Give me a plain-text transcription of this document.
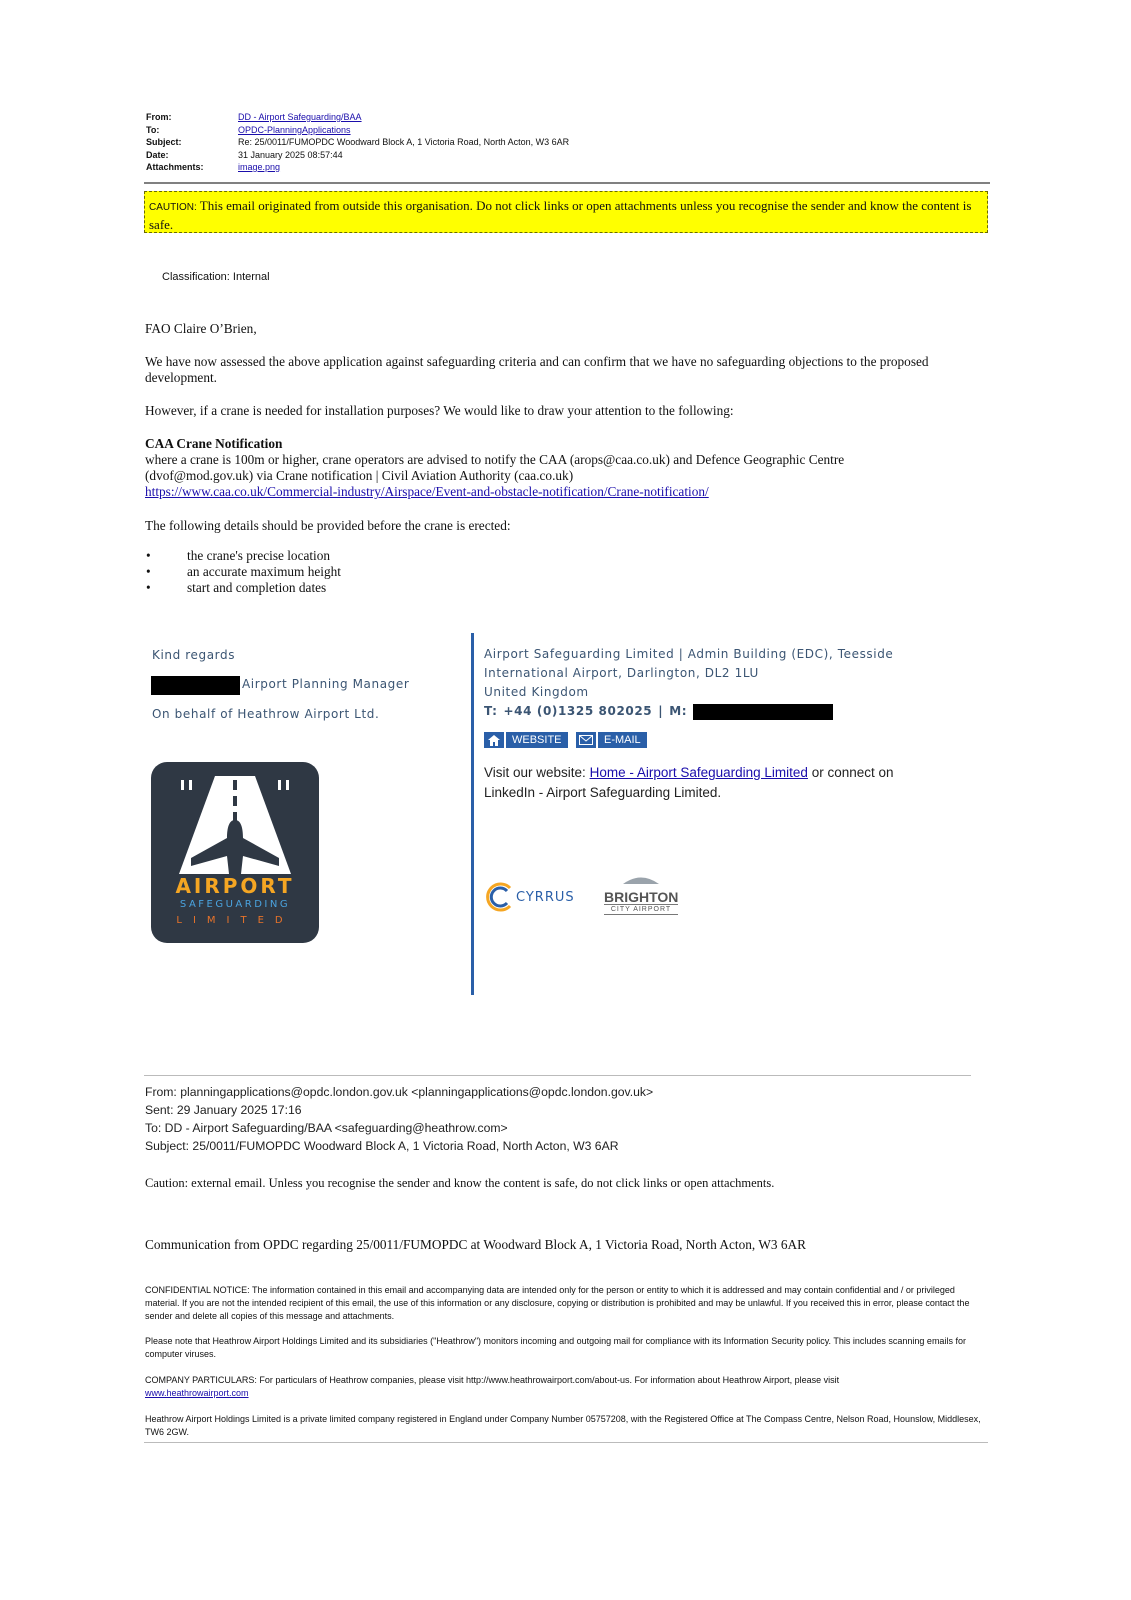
From:	DD - Airport Safeguarding/BAA
To:	OPDC-PlanningApplications
Subject:	Re: 25/0011/FUMOPDC Woodward Block A, 1 Victoria Road, North Acton, W3 6AR
Date:	31 January 2025 08:57:44
Attachments:	image.png
CAUTION: This email originated from outside this organisation. Do not click links or open attachments unless you recognise the sender and know the content is safe.
Classification: Internal
FAO Claire O’Brien,
We have now assessed the above application against safeguarding criteria and can confirm that we have no safeguarding objections to the proposed development.
However, if a crane is needed for installation purposes? We would like to draw your attention to the following:
CAA Crane Notification
where a crane is 100m or higher, crane operators are advised to notify the CAA (arops@caa.co.uk) and Defence Geographic Centre
(dvof@mod.gov.uk) via Crane notification | Civil Aviation Authority (caa.co.uk)
https://www.caa.co.uk/Commercial-industry/Airspace/Event-and-obstacle-notification/Crane-notification/
The following details should be provided before the crane is erected:
•	the crane's precise location
•	an accurate maximum height
•	start and completion dates
Kind regards
Airport Planning Manager
On behalf of Heathrow Airport Ltd.
AIRPORT
SAFEGUARDING
LIMITED
Airport Safeguarding Limited | Admin Building (EDC), Teesside
International Airport, Darlington, DL2 1LU
United Kingdom
T: +44 (0)1325 802025 | M:
WEBSITE	E-MAIL
Visit our website: Home - Airport Safeguarding Limited or connect on LinkedIn - Airport Safeguarding Limited.
CYRRUS BRIGHTON
CITY AIRPORT
From: planningapplications@opdc.london.gov.uk <planningapplications@opdc.london.gov.uk>
Sent: 29 January 2025 17:16
To: DD - Airport Safeguarding/BAA <safeguarding@heathrow.com>
Subject: 25/0011/FUMOPDC Woodward Block A, 1 Victoria Road, North Acton, W3 6AR
Caution: external email. Unless you recognise the sender and know the content is safe, do not click links or open attachments.
Communication from OPDC regarding 25/0011/FUMOPDC at Woodward Block A, 1 Victoria Road, North Acton, W3 6AR
CONFIDENTIAL NOTICE: The information contained in this email and accompanying data are intended only for the person or entity to which it is addressed and may contain confidential and / or privileged material. If you are not the intended recipient of this email, the use of this information or any disclosure, copying or distribution is prohibited and may be unlawful. If you received this in error, please contact the sender and delete all copies of this message and attachments.
Please note that Heathrow Airport Holdings Limited and its subsidiaries ("Heathrow") monitors incoming and outgoing mail for compliance with its Information Security policy. This includes scanning emails for computer viruses.
COMPANY PARTICULARS: For particulars of Heathrow companies, please visit http://www.heathrowairport.com/about-us. For information about Heathrow Airport, please visit
www.heathrowairport.com
Heathrow Airport Holdings Limited is a private limited company registered in England under Company Number 05757208, with the Registered Office at The Compass Centre, Nelson Road, Hounslow, Middlesex, TW6 2GW.
